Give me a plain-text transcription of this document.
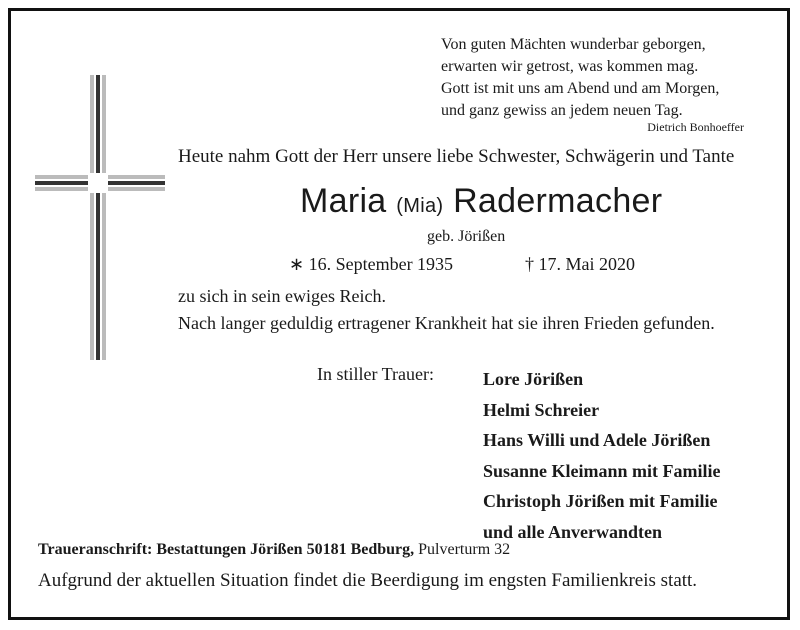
Von guten Mächten wunderbar geborgen,
erwarten wir getrost, was kommen mag.
Gott ist mit uns am Abend und am Morgen,
und ganz gewiss an jedem neuen Tag.
Dietrich Bonhoeffer
Heute nahm Gott der Herr unsere liebe Schwester, Schwägerin und Tante
Maria (Mia) Radermacher
geb. Jörißen
∗ 16. September 1935	† 17. Mai 2020
zu sich in sein ewiges Reich.
Nach langer geduldig ertragener Krankheit hat sie ihren Frieden gefunden.
In stiller Trauer:	Lore Jörißen
Helmi Schreier
Hans Willi und Adele Jörißen
Susanne Kleimann mit Familie
Christoph Jörißen mit Familie
und alle Anverwandten
Traueranschrift: Bestattungen Jörißen 50181 Bedburg, Pulverturm 32
Aufgrund der aktuellen Situation findet die Beerdigung im engsten Familienkreis statt.
